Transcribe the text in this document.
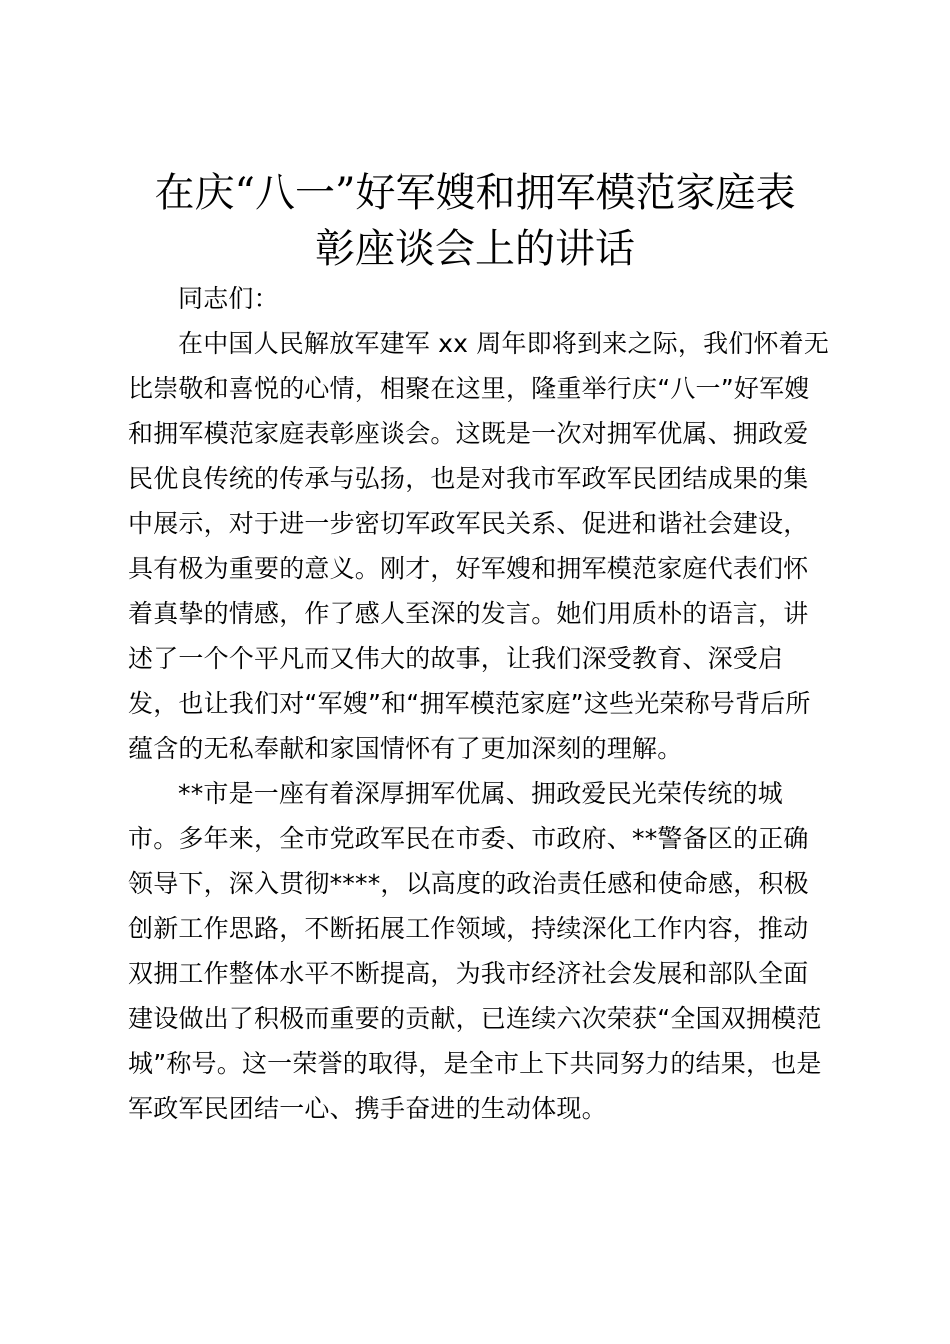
在庆“八一”好军嫂和拥军模范家庭表
彰座谈会上的讲话
同志们：
在中国人民解放军建军 xx 周年即将到来之际，我们怀着无
比崇敬和喜悦的心情，相聚在这里，隆重举行庆“八一”好军嫂
和拥军模范家庭表彰座谈会。这既是一次对拥军优属、拥政爱
民优良传统的传承与弘扬，也是对我市军政军民团结成果的集
中展示，对于进一步密切军政军民关系、促进和谐社会建设，
具有极为重要的意义。刚才，好军嫂和拥军模范家庭代表们怀
着真挚的情感，作了感人至深的发言。她们用质朴的语言，讲
述了一个个平凡而又伟大的故事，让我们深受教育、深受启
发，也让我们对“军嫂”和“拥军模范家庭”这些光荣称号背后所
蕴含的无私奉献和家国情怀有了更加深刻的理解。
**市是一座有着深厚拥军优属、拥政爱民光荣传统的城
市。多年来，全市党政军民在市委、市政府、**警备区的正确
领导下，深入贯彻****，以高度的政治责任感和使命感，积极
创新工作思路，不断拓展工作领域，持续深化工作内容，推动
双拥工作整体水平不断提高，为我市经济社会发展和部队全面
建设做出了积极而重要的贡献，已连续六次荣获“全国双拥模范
城”称号。这一荣誉的取得，是全市上下共同努力的结果，也是
军政军民团结一心、携手奋进的生动体现。
